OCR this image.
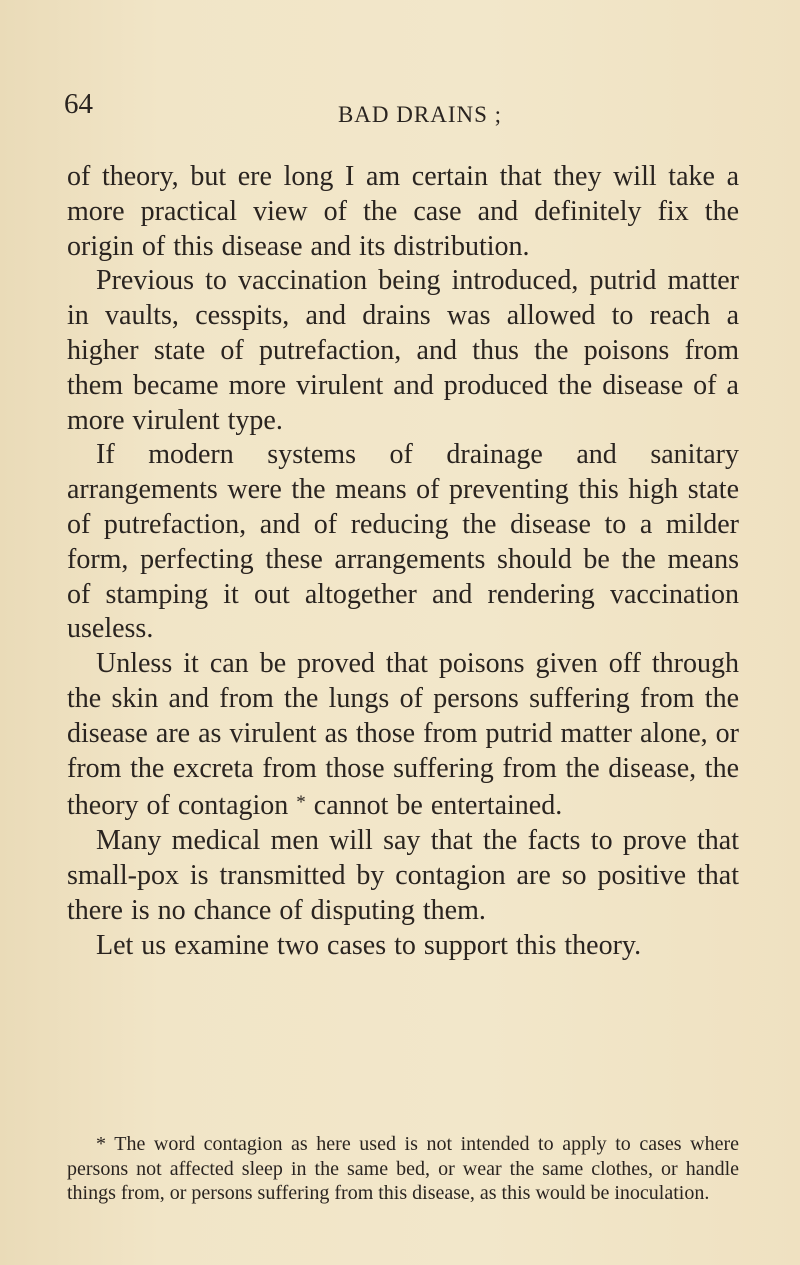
64	BAD DRAINS ;

of theory, but ere long I am certain that they will take a more practical view of the case and definitely fix the origin of this disease and its distribution.

Previous to vaccination being introduced, putrid matter in vaults, cesspits, and drains was allowed to reach a higher state of putrefaction, and thus the poisons from them became more virulent and produced the disease of a more virulent type.

If modern systems of drainage and sanitary arrangements were the means of preventing this high state of putrefaction, and of reducing the disease to a milder form, perfecting these arrangements should be the means of stamping it out altogether and rendering vaccination useless.

Unless it can be proved that poisons given off through the skin and from the lungs of persons suffering from the disease are as virulent as those from putrid matter alone, or from the excreta from those suffering from the disease, the theory of contagion * cannot be entertained.

Many medical men will say that the facts to prove that small-pox is transmitted by contagion are so positive that there is no chance of disputing them.

Let us examine two cases to support this theory.

* The word contagion as here used is not intended to apply to cases where persons not affected sleep in the same bed, or wear the same clothes, or handle things from, or persons suffering from this disease, as this would be inoculation.
